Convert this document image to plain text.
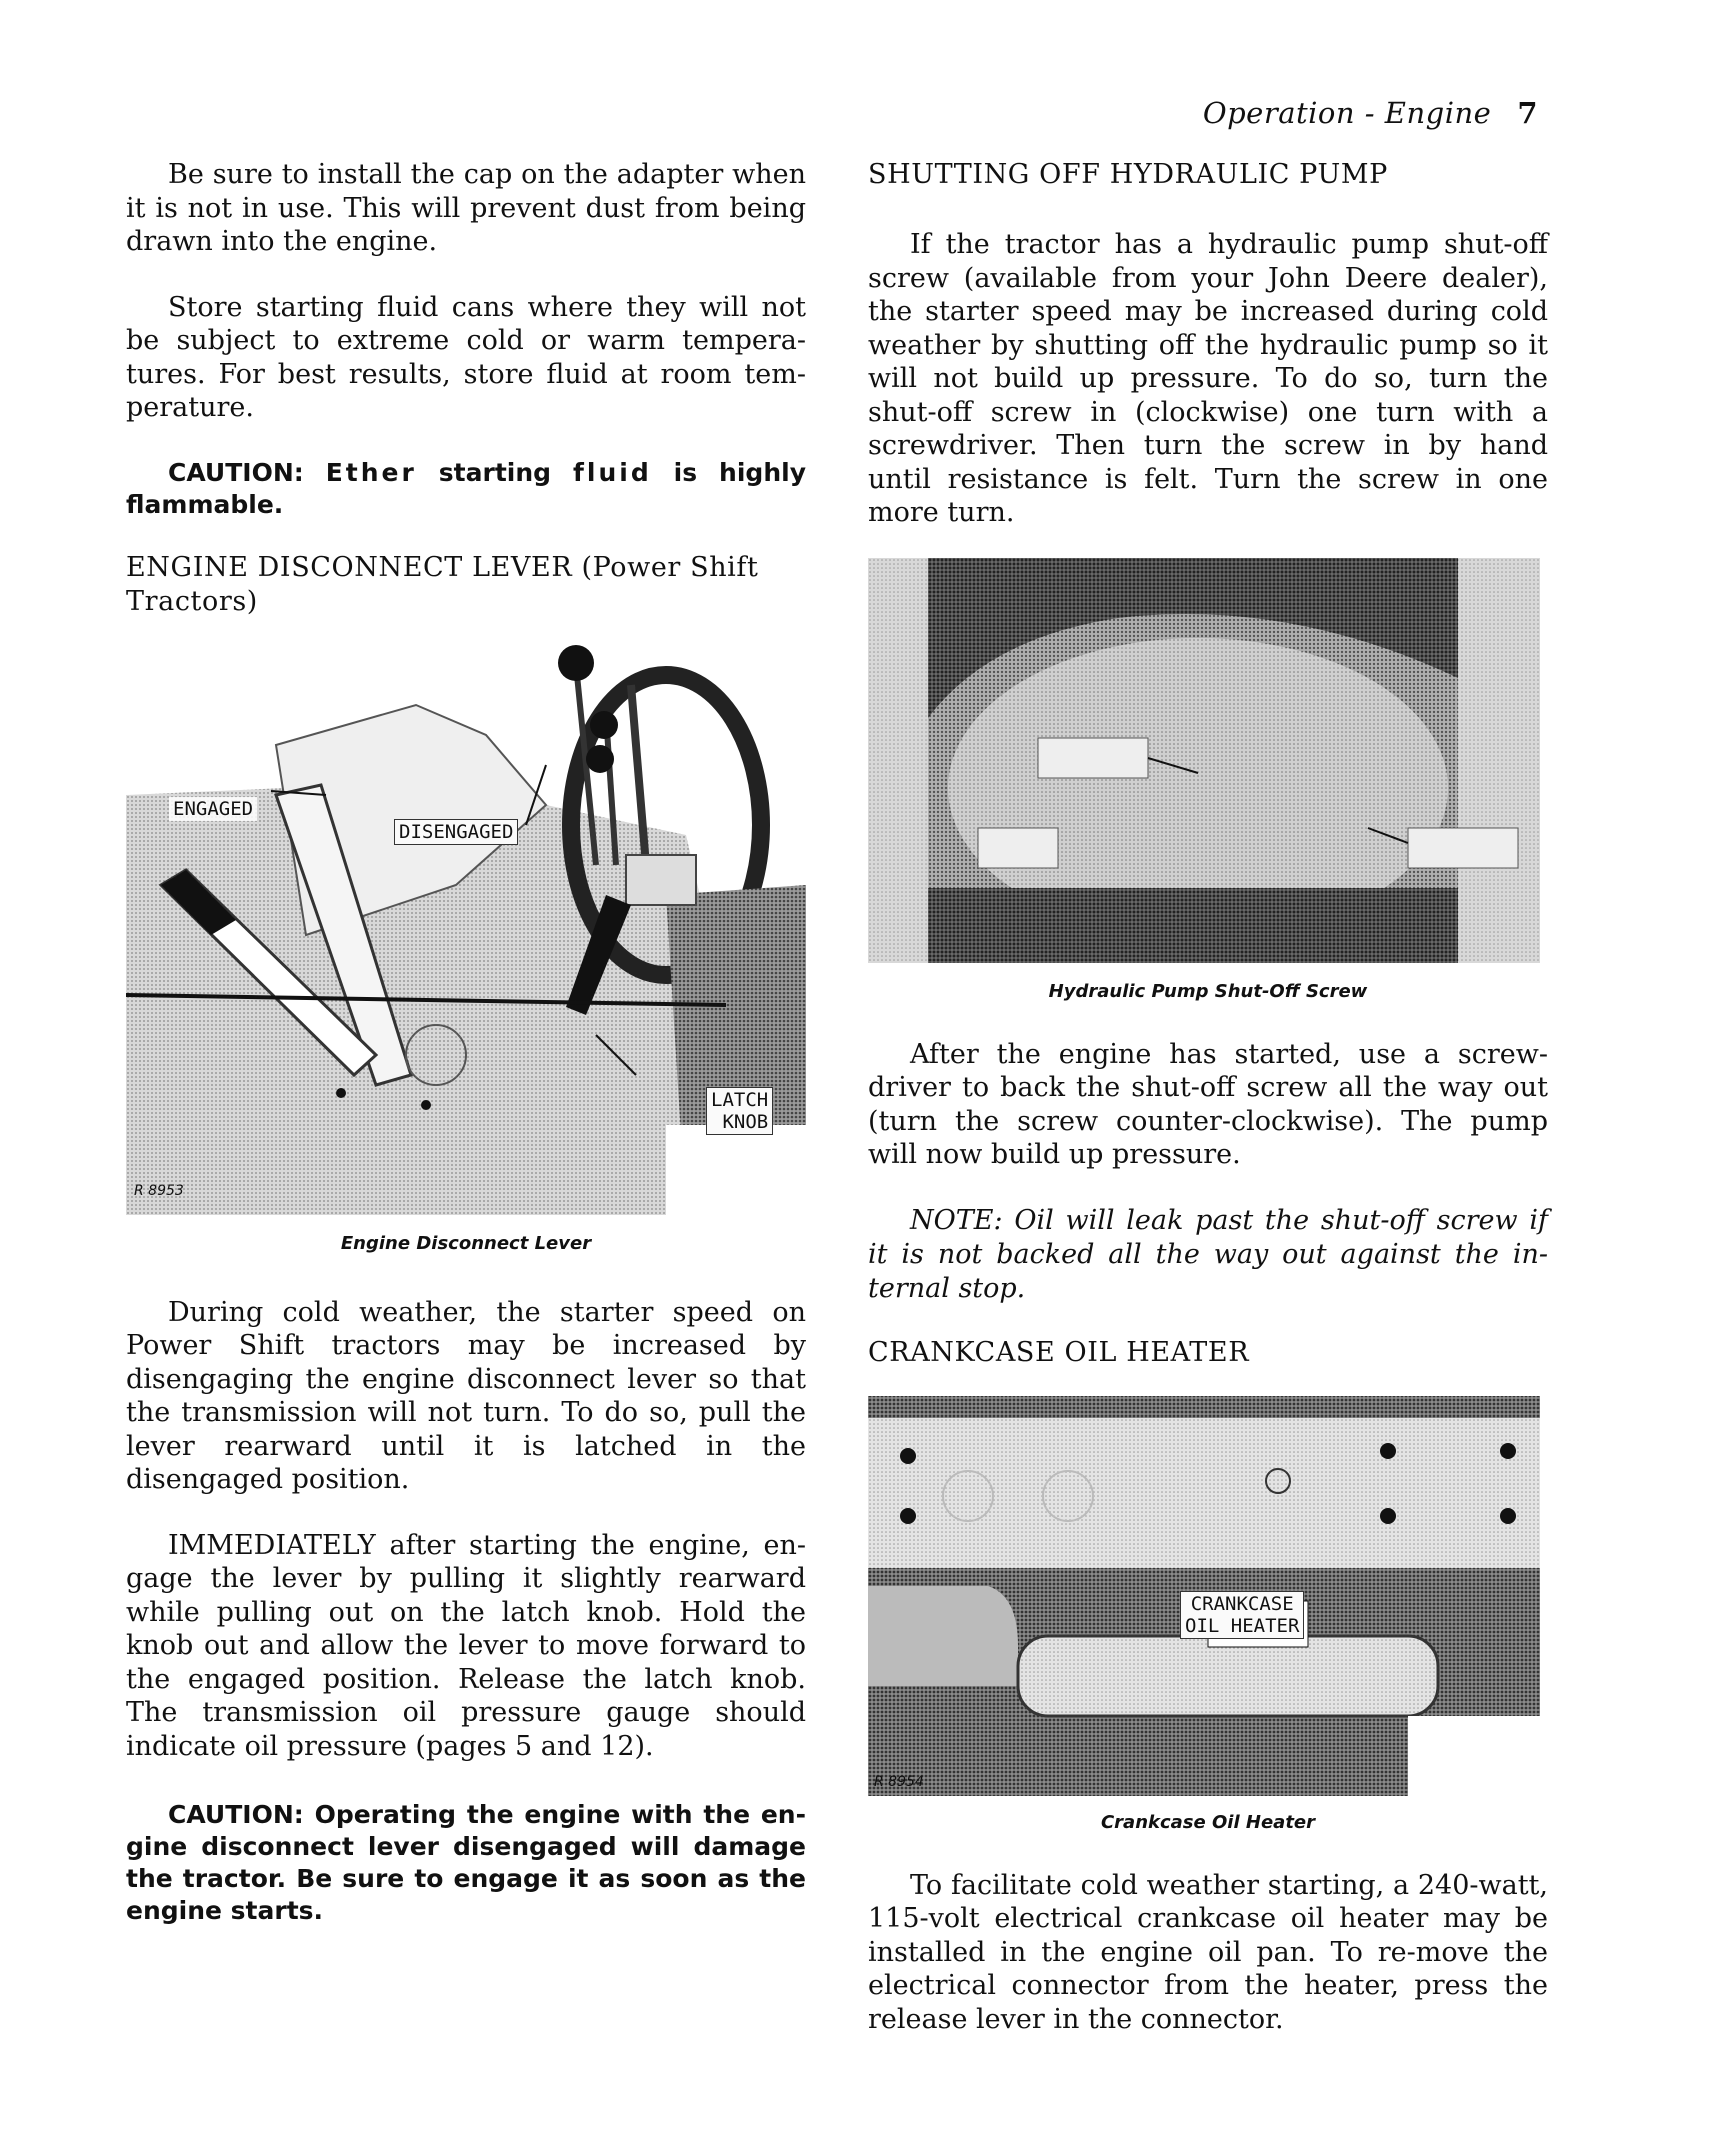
Operation - Engine 7

Be sure to install the cap on the adapter when it is not in use. This will prevent dust from being drawn into the engine.

Store starting fluid cans where they will not be subject to extreme cold or warm tempera-tures. For best results, store fluid at room tem-perature.

CAUTION: Ether starting fluid is highly flammable.

ENGINE DISCONNECT LEVER (Power Shift Tractors)

ENGAGED
DISENGAGED
LATCH
KNOB
R 8953

Engine Disconnect Lever

During cold weather, the starter speed on Power Shift tractors may be increased by disengaging the engine disconnect lever so that the transmission will not turn. To do so, pull the lever rearward until it is latched in the disengaged position.

IMMEDIATELY after starting the engine, en-gage the lever by pulling it slightly rearward while pulling out on the latch knob. Hold the knob out and allow the lever to move forward to the engaged position. Release the latch knob. The transmission oil pressure gauge should indicate oil pressure (pages 5 and 12).

CAUTION: Operating the engine with the en-gine disconnect lever disengaged will damage the tractor. Be sure to engage it as soon as the engine starts.

SHUTTING OFF HYDRAULIC PUMP

If the tractor has a hydraulic pump shut-off screw (available from your John Deere dealer), the starter speed may be increased during cold weather by shutting off the hydraulic pump so it will not build up pressure. To do so, turn the shut-off screw in (clockwise) one turn with a screwdriver. Then turn the screw in by hand until resistance is felt. Turn the screw in one more turn.

Hydraulic Pump Shut-Off Screw

After the engine has started, use a screw-driver to back the shut-off screw all the way out (turn the screw counter-clockwise). The pump will now build up pressure.

NOTE: Oil will leak past the shut-off screw if it is not backed all the way out against the in-ternal stop.

CRANKCASE OIL HEATER

CRANKCASE
OIL HEATER
R 8954

Crankcase Oil Heater

To facilitate cold weather starting, a 240-watt, 115-volt electrical crankcase oil heater may be installed in the engine oil pan. To re-move the electrical connector from the heater, press the release lever in the connector.
